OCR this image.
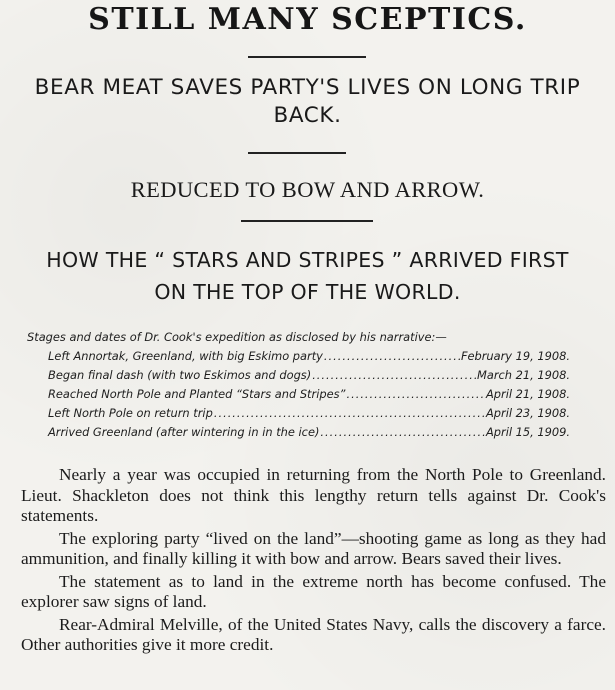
STILL MANY SCEPTICS.
BEAR MEAT SAVES PARTY'S LIVES ON LONG TRIP BACK.
REDUCED TO BOW AND ARROW.
HOW THE “ STARS AND STRIPES ” ARRIVED FIRST
ON THE TOP OF THE WORLD.
Stages and dates of Dr. Cook's expedition as disclosed by his narrative:—
Left Annortak, Greenland, with big Eskimo party .....	February 19, 1908.
Began final dash (with two Eskimos and dogs) .....	March 21, 1908.
Reached North Pole and Planted “Stars and Stripes” .....	April 21, 1908.
Left North Pole on return trip .....	April 23, 1908.
Arrived Greenland (after wintering in in the ice) .....	April 15, 1909.

Nearly a year was occupied in returning from the North Pole to Greenland. Lieut. Shackleton does not think this lengthy return tells against Dr. Cook's statements.

The exploring party “lived on the land”—shooting game as long as they had ammunition, and finally killing it with bow and arrow. Bears saved their lives.

The statement as to land in the extreme north has become confused. The explorer saw signs of land.

Rear-Admiral Melville, of the United States Navy, calls the discovery a farce. Other authorities give it more credit.
